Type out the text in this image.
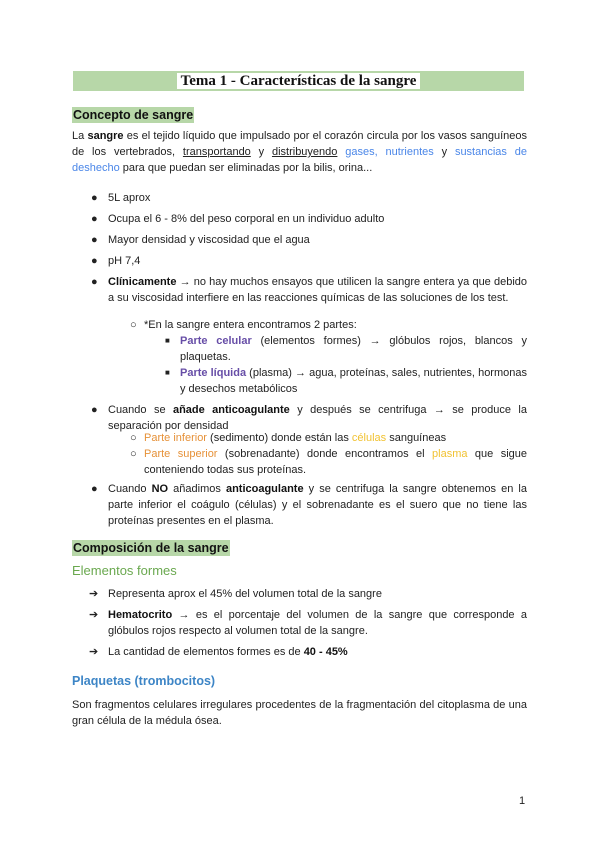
Tema 1 - Características de la sangre
Concepto de sangre

La sangre es el tejido líquido que impulsado por el corazón circula por los vasos sanguíneos de los vertebrados, transportando y distribuyendo gases, nutrientes y sustancias de deshecho para que puedan ser eliminadas por la bilis, orina...

● 5L aprox
● Ocupa el 6 - 8% del peso corporal en un individuo adulto
● Mayor densidad y viscosidad que el agua
● pH 7,4
● Clínicamente → no hay muchos ensayos que utilicen la sangre entera ya que debido a su viscosidad interfiere en las reacciones químicas de las soluciones de los test.
○ *En la sangre entera encontramos 2 partes:
■ Parte celular (elementos formes) → glóbulos rojos, blancos y plaquetas.
■ Parte líquida (plasma) → agua, proteínas, sales, nutrientes, hormonas y desechos metabólicos
● Cuando se añade anticoagulante y después se centrifuga → se produce la separación por densidad
○ Parte inferior (sedimento) donde están las células sanguíneas
○ Parte superior (sobrenadante) donde encontramos el plasma que sigue conteniendo todas sus proteínas.
● Cuando NO añadimos anticoagulante y se centrifuga la sangre obtenemos en la parte inferior el coágulo (células) y el sobrenadante es el suero que no tiene las proteínas presentes en el plasma.
Composición de la sangre
Elementos formes
➔ Representa aprox el 45% del volumen total de la sangre
➔ Hematocrito → es el porcentaje del volumen de la sangre que corresponde a glóbulos rojos respecto al volumen total de la sangre.
➔ La cantidad de elementos formes es de 40 - 45%
Plaquetas (trombocitos)

Son fragmentos celulares irregulares procedentes de la fragmentación del citoplasma de una gran célula de la médula ósea.

1
